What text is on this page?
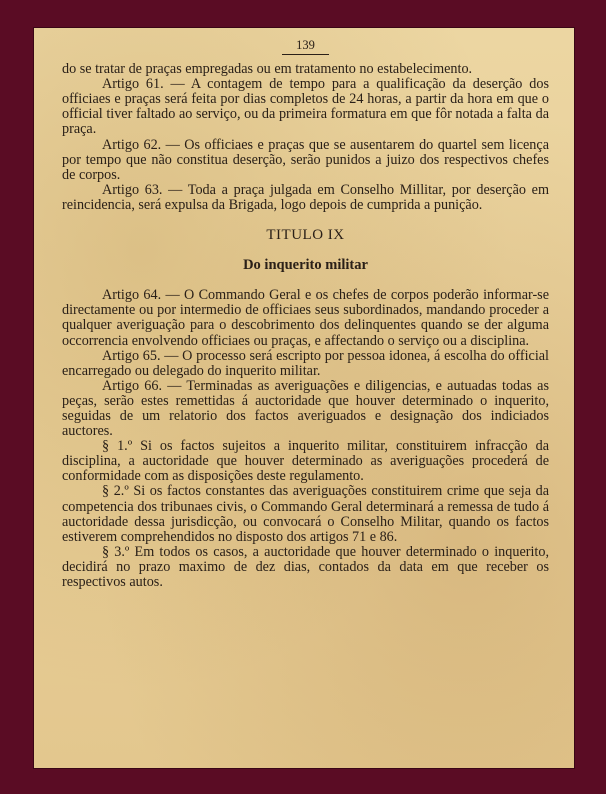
139

do se tratar de praças empregadas ou em tratamento no estabelecimento.

Artigo 61. — A contagem de tempo para a qualificação da deserção dos officiaes e praças será feita por dias completos de 24 horas, a partir da hora em que o official tiver faltado ao serviço, ou da primeira formatura em que fôr notada a falta da praça.

Artigo 62. — Os officiaes e praças que se ausentarem do quartel sem licença por tempo que não constitua deserção, serão punidos a juizo dos respectivos chefes de corpos.

Artigo 63. — Toda a praça julgada em Conselho Millitar, por deserção em reincidencia, será expulsa da Brigada, logo depois de cumprida a punição.

TITULO IX
Do inquerito militar

Artigo 64. — O Commando Geral e os chefes de corpos poderão informar-se directamente ou por intermedio de officiaes seus subordinados, mandando proceder a qualquer averiguação para o descobrimento dos delinquentes quando se der alguma occorrencia envolvendo officiaes ou praças, e affectando o serviço ou a disciplina.

Artigo 65. — O processo será escripto por pessoa idonea, á escolha do official encarregado ou delegado do inquerito militar.

Artigo 66. — Terminadas as averiguações e diligencias, e autuadas todas as peças, serão estes remettidas á auctoridade que houver determinado o inquerito, seguidas de um relatorio dos factos averiguados e designação dos indiciados auctores.

§ 1.º Si os factos sujeitos a inquerito militar, constituirem infracção da disciplina, a auctoridade que houver determinado as averiguações procederá de conformidade com as disposições deste regulamento.

§ 2.º Si os factos constantes das averiguações constituirem crime que seja da competencia dos tribunaes civis, o Commando Geral determinará a remessa de tudo á auctoridade dessa jurisdicção, ou convocará o Conselho Militar, quando os factos estiverem comprehendidos no disposto dos artigos 71 e 86.

§ 3.º Em todos os casos, a auctoridade que houver determinado o inquerito, decidirá no prazo maximo de dez dias, contados da data em que receber os respectivos autos.
